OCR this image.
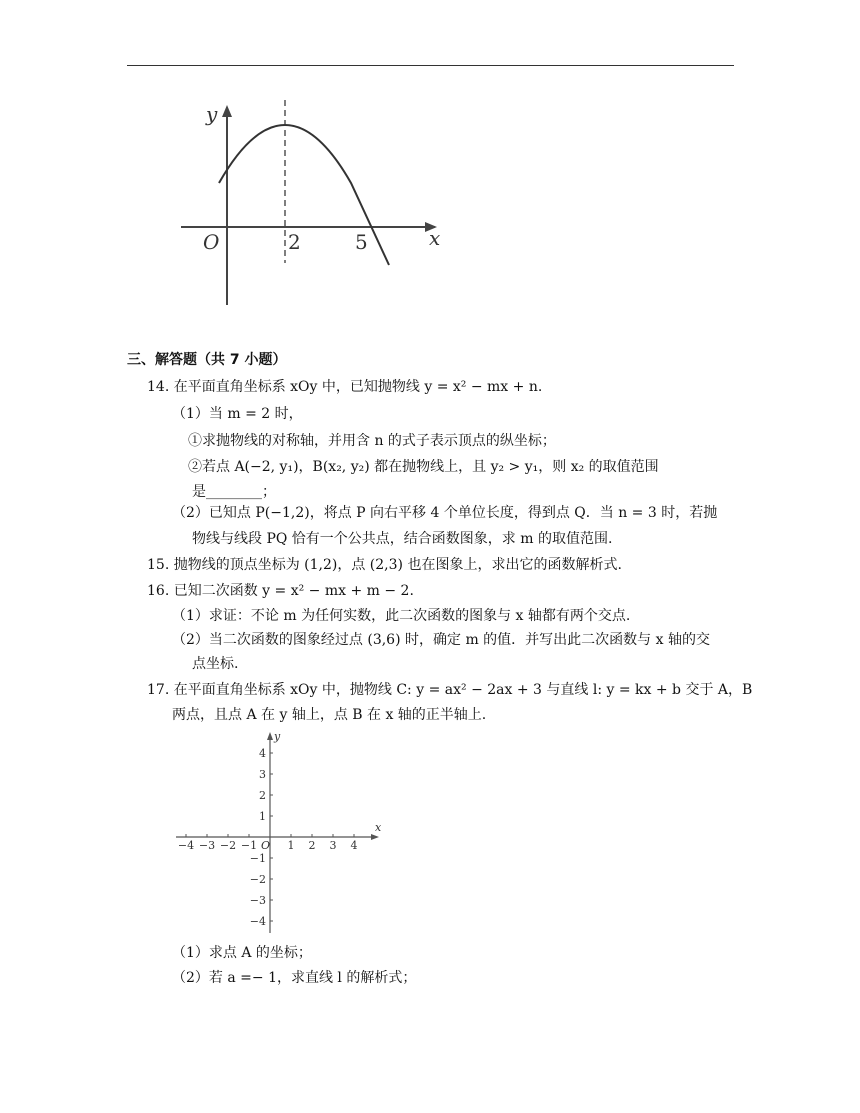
y
x
O	2	5
三、解答题（共 7 小题）
14. 在平面直角坐标系 xOy 中，已知抛物线 y = x² − mx + n.
（1）当 m = 2 时，
①求抛物线的对称轴，并用含 n 的式子表示顶点的纵坐标；
②若点 A(−2, y₁)，B(x₂, y₂) 都在抛物线上，且 y₂ > y₁，则 x₂ 的取值范围
是________；
（2）已知点 P(−1,2)，将点 P 向右平移 4 个单位长度，得到点 Q．当 n = 3 时，若抛
物线与线段 PQ 恰有一个公共点，结合函数图象，求 m 的取值范围.
15. 抛物线的顶点坐标为 (1,2)，点 (2,3) 也在图象上，求出它的函数解析式.
16. 已知二次函数 y = x² − mx + m − 2.
（1）求证：不论 m 为任何实数，此二次函数的图象与 x 轴都有两个交点.
（2）当二次函数的图象经过点 (3,6) 时，确定 m 的值．并写出此二次函数与 x 轴的交
点坐标.
17. 在平面直角坐标系 xOy 中，抛物线 C: y = ax² − 2ax + 3 与直线 l: y = kx + b 交于 A，B
两点，且点 A 在 y 轴上，点 B 在 x 轴的正半轴上.
−4 −3 −2 −1	1 2 3 4
4
3
2
1
−1
−2
−3
−4
y
x
O
（1）求点 A 的坐标；
（2）若 a =− 1，求直线 l 的解析式；
